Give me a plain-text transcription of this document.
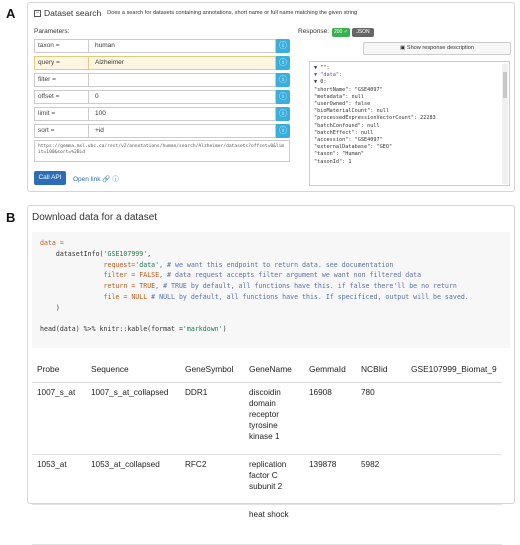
A
B
− Dataset search Does a search for datasets containing annotations, short name or full name matching the given string
Parameters:
taxon =	human	ⓘ
query =	Alzheimer	ⓘ
filter =	ⓘ
offset =	0	ⓘ
limit =	100	ⓘ
sort =	+id	ⓘ
https://gemma.msl.ubc.ca/rest/v2/annotations/human/search/Alzheimer/datasets?offset=0&limit=100&sort=%2Bid
Call API	Open link 🔗 ⓘ
Response: 200 ✓	JSON
▣ Show response description
▼ "":
▼ "data":
▼ 0:
"shortName": "GSE4097"
"metadata": null
"userOwned": false
"bioMaterialCount": null
"processedExpressionVectorCount": 22283
"batchConfound": null
"batchEffect": null
"accession": "GSE4097"
"externalDatabase": "GEO"
"taxon": "Human"
"taxonId": 1
Download data for a dataset
data =
datasetInfo('GSE107999',
request='data', # we want this endpoint to return data. see documentation
filter = FALSE, # data request accepts filter argument we want non filtered data
return = TRUE, # TRUE by default, all functions have this. if false there'll be no return
file = NULL # NULL by default, all functions have this. If specificed, output will be saved.
)
head(data) %>% knitr::kable(format ='markdown')
Probe	Sequence	GeneSymbol	GeneName	GemmaId	NCBIid	GSE107999_Biomat_9
1007_s_at	1007_s_at_collapsed	DDR1	discoidin domain receptor tyrosine kinase 1	16908	780	
1053_at	1053_at_collapsed	RFC2	replication factor C subunit 2	139878	5982	
			heat shock			
